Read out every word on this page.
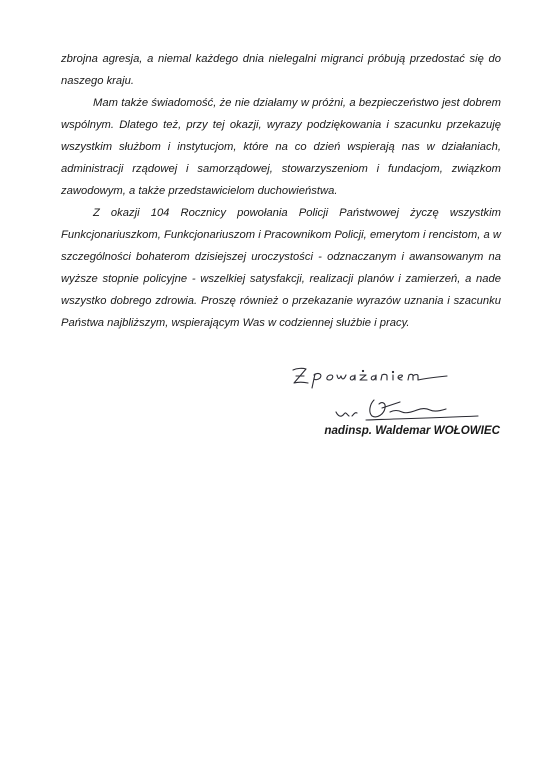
zbrojna agresja, a niemal każdego dnia nielegalni migranci próbują przedostać się do naszego kraju.

Mam także świadomość, że nie działamy w próżni, a bezpieczeństwo jest dobrem wspólnym. Dlatego też, przy tej okazji, wyrazy podziękowania i szacunku przekazuję wszystkim służbom i instytucjom, które na co dzień wspierają nas w działaniach, administracji rządowej i samorządowej, stowarzyszeniom i fundacjom, związkom zawodowym, a także przedstawicielom duchowieństwa.

Z okazji 104 Rocznicy powołania Policji Państwowej życzę wszystkim Funkcjonariuszkom, Funkcjonariuszom i Pracownikom Policji, emerytom i rencistom, a w szczególności bohaterom dzisiejszej uroczystości - odznaczanym i awansowanym na wyższe stopnie policyjne - wszelkiej satysfakcji, realizacji planów i zamierzeń, a nade wszystko dobrego zdrowia. Proszę również o przekazanie wyrazów uznania i szacunku Państwa najbliższym, wspierającym Was w codziennej służbie i pracy.

nadinsp. Waldemar WOŁOWIEC
